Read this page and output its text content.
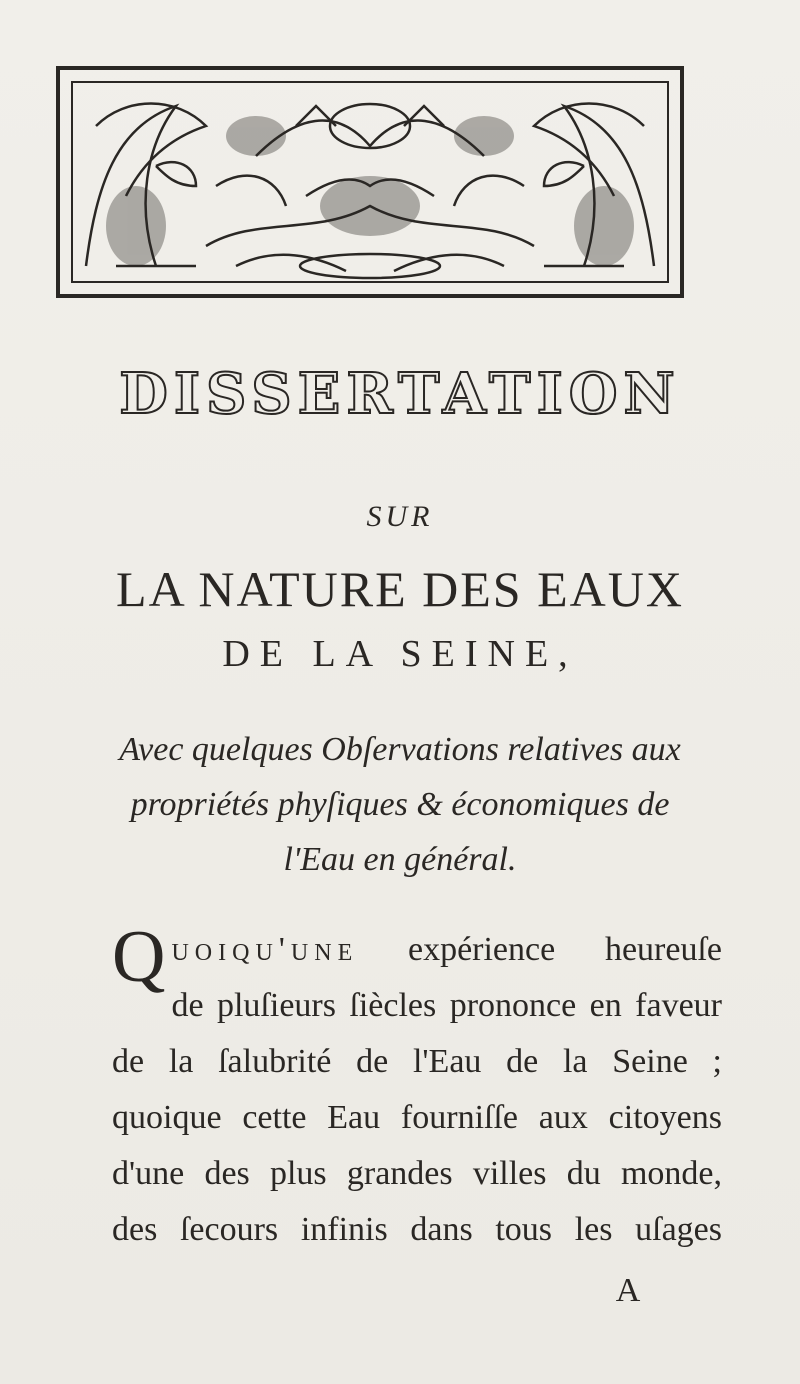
DISSERTATION
SUR
LA NATURE DES EAUX
DE LA SEINE,
Avec quelques Obſervations relatives aux
propriétés phyſiques & économiques de
l'Eau en général.
Q uoiqu'une expérience heureuſe
de pluſieurs ſiècles prononce en faveur
de la ſalubrité de l'Eau de la Seine ;
quoique cette Eau fourniſſe aux citoyens
d'une des plus grandes villes du monde,
des ſecours infinis dans tous les uſages
A
